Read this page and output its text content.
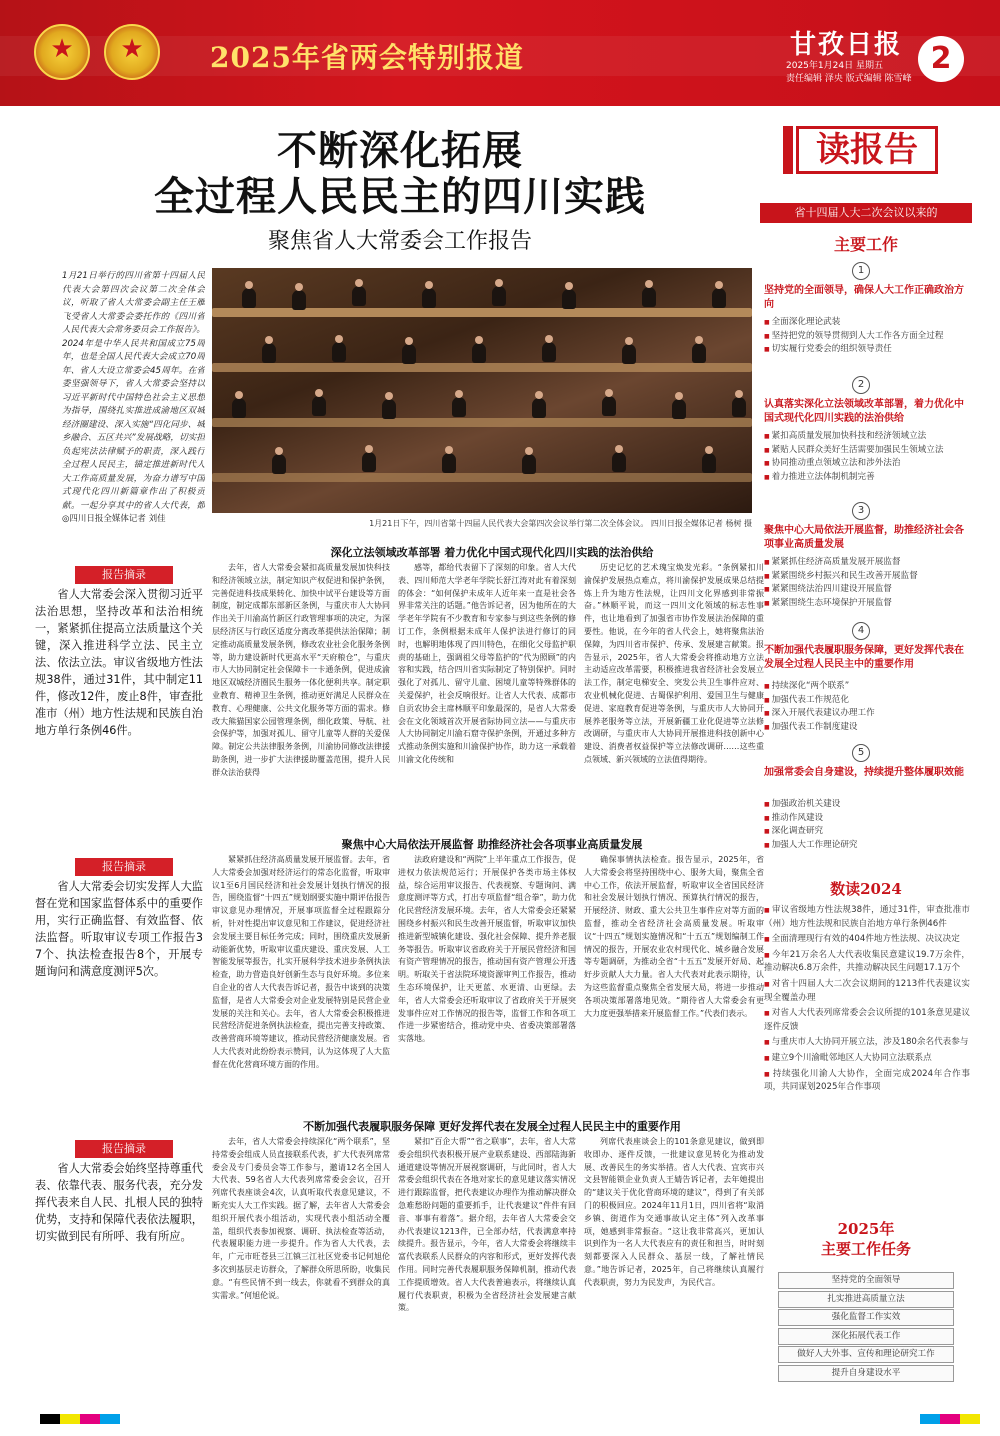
★
★
2025年省两会特别报道	甘孜日报 2
2025年1月24日 星期五
责任编辑 泽央 版式编辑 陈雪峰
不断深化拓展
全过程人民民主的四川实践
聚焦省人大常委会工作报告
1月21日举行的四川省第十四届人民代表大会第四次会议第二次全体会议，听取了省人大常委会副主任王雁飞受省人大常委会委托作的《四川省人民代表大会常务委员会工作报告》。2024年是中华人民共和国成立75周年，也是全国人民代表大会成立70周年、省人大设立常委会45周年。在省委坚强领导下，省人大常委会坚持以习近平新时代中国特色社会主义思想为指导，围绕扎实推进成渝地区双城经济圈建设、深入实施“四化同步、城乡融合、五区共兴”发展战略，切实担负起宪法法律赋予的职责，深入践行全过程人民民主，锚定推进新时代人大工作高质量发展，为奋力谱写中国式现代化四川新篇章作出了积极贡献。一起分享其中的省人大代表，都
◎四川日报全媒体记者 刘佳	1月21日下午，四川省第十四届人民代表大会第四次会议举行第二次全体会议。 四川日报全媒体记者 杨树 摄
报告摘录
省人大常委会深入贯彻习近平法治思想，坚持改革和法治相统一，紧紧抓住提高立法质量这个关键，深入推进科学立法、民主立法、依法立法。审议省级地方性法规38件，通过31件，其中制定11件，修改12件，废止8件，审查批准市（州）地方性法规和民族自治地方单行条例46件。
报告摘录
省人大常委会切实发挥人大监督在党和国家监督体系中的重要作用，实行正确监督、有效监督、依法监督。听取审议专项工作报告37个、执法检查报告8个，开展专题询问和满意度测评5次。
报告摘录
省人大常委会始终坚持尊重代表、依靠代表、服务代表，充分发挥代表来自人民、扎根人民的独特优势，支持和保障代表依法履职，切实做到民有所呼、我有所应。
深化立法领域改革部署 着力优化中国式现代化四川实践的法治供给
去年，省人大常委会紧扣高质量发展加快科技和经济领域立法，制定知识产权促进和保护条例，完善促进科技成果转化、加快中试平台建设等方面制度，制定成都东部新区条例，与重庆市人大协同作出关于川渝高竹新区行政管理事项的决定，为深层经济区与行政区适度分离改革提供法治保障；制定推动高质量发展条例，修改农业社会化服务条例等，助力建设新时代更高水平“天府粮仓”，与重庆市人大协同制定社会保障卡一卡通条例，促进成渝地区双城经济圈民生服务一体化便利共享。制定职业教育、精神卫生条例，推动更好满足人民群众在教育、心理健康、公共文化服务等方面的需求。修改大熊猫国家公园管理条例，细化政策、导航、社会保护等，加强对孤儿、留守儿童等人群的关爱保障。制定公共法律服务条例，川渝协同修改法律援助条例，进一步扩大法律援助覆盖范围，提升人民群众法治获得
感等，都给代表留下了深刻的印象。省人大代表、四川师范大学老年学院长舒江涛对此有着深刻的体会：“如何保护未成年人近年来一直是社会各界非常关注的话题。”他告诉记者，因为他所在的大学老年学院有不少教育和专家参与到这些条例的修订工作，条例根据未成年人保护法进行修订的同时，也解明地体现了四川特色，在细化父母监护职责的基础上，强调祖父母等监护的“代为照顾”的内容和实践，结合四川省实际制定了特别保护。同时强化了对孤儿、留守儿童、困境儿童等特殊群体的关爱保护，社会反响很好。让省人大代表、成都市自贡农协会主席林顺平印象最深的，是省人大常委会在文化领域首次开展省际协同立法——与重庆市人大协同制定川渝石窟寺保护条例，开通过多种方式推动条例实施和川渝保护协作，助力这一承载着川渝文化传统和
历史记忆的艺术瑰宝焕发光彩。“条例紧扣川渝保护发展热点难点，将川渝保护发展成果总结提炼上升为地方性法规，让四川文化界感到非常振奋。”林顺平说，而这一四川文化领域的标志性事件，也让地看到了加强省市协作发展法治保障的重要性。他说，在今年的省人代会上，她将聚焦法治保障，为四川省市保护、传承、发展建言献策。报告显示，2025年，省人大常委会将推动地方立法主动适应改革需要，积极推进我省经济社会发展立法工作，制定电梯安全、突发公共卫生事件应对、农业机械化促进、古蜀保护利用、爱国卫生与健康促进、家庭教育促进等条例，与重庆市人大协同开展养老服务等立法，开展新疆工业化促进等立法修改调研，与重庆市人大协同开展推进科技创新中心建设、消费者权益保护等立法修改调研……这些重点领域、新兴领域的立法值得期待。
聚焦中心大局依法开展监督 助推经济社会各项事业高质量发展
紧紧抓住经济高质量发展开展监督。去年，省人大常委会加强对经济运行的常态化监督，听取审议1至6月国民经济和社会发展计划执行情况的报告，围绕监督“十四五”规划纲要实施中期评估报告审议意见办理情况，开展事项监督全过程跟踪分析，针对性提出审议意见和工作建议，促进经济社会发展主要目标任务完成；同时，围绕重庆发展新动能新优势，听取审议重庆建设、重庆发展、人工智能发展等报告，扎实开展科学技术进步条例执法检查，助力营造良好创新生态与良好环境。多位来自企业的省人大代表告诉记者，报告中谈到的决策监督，是省人大常委会对企业发展特别是民营企业发展的关注和关心。去年，省人大常委会积极推进民营经济促进条例执法检查，提出完善支持政策、改善营商环境等建议，推动民营经济健康发展。省人大代表对此纷纷表示赞同，认为这体现了人大监督在优化营商环境方面的作用。
法政府建设和“两院”上半年重点工作报告，促进权力依法规范运行；开展保护各类市场主体权益，综合运用审议报告、代表视察、专题询问、满意度测评等方式，打出专项监督“组合拳”，助力优化民营经济发展环境。去年，省人大常委会还紧紧围绕乡村振兴和民生改善开展监督，听取审议加快推进新型城镇化建设、强化社会保障、提升养老服务等报告。听取审议省政府关于开展民营经济和国有资产管理情况的报告，推动国有资产管理公开透明。听取关于省法院环境资源审判工作报告，推动生态环境保护，让天更蓝、水更清、山更绿。去年，省人大常委会还听取审议了省政府关于开展突发事件应对工作情况的报告等，监督工作和各项工作进一步紧密结合，推动党中央、省委决策部署落实落地。
确保事情执法检查。报告显示，2025年，省人大常委会将坚持围绕中心、服务大局，聚焦全省中心工作，依法开展监督，听取审议全省国民经济和社会发展计划执行情况、预算执行情况的报告，开展经济、财政、重大公共卫生事件应对等方面的监督，推动全省经济社会高质量发展。听取审议“十四五”规划实施情况和“十五五”规划编制工作情况的报告，开展农业农村现代化、城乡融合发展等专题调研，为推动全省“十五五”发展开好局、起好步贡献人大力量。省人大代表对此表示期待，认为这些监督重点聚焦全省发展大局，将进一步推动各项决策部署落地见效。“期待省人大常委会有更大力度更强举措来开展监督工作。”代表们表示。
不断加强代表履职服务保障 更好发挥代表在发展全过程人民民主中的重要作用
去年，省人大常委会持续深化“两个联系”，坚持常委会组成人员直接联系代表，扩大代表列席常委会及专门委员会等工作参与，邀请12名全国人大代表、59名省人大代表列席常委会会议，召开列席代表座谈会4次，认真听取代表意见建议，不断充实人大工作实践。据了解，去年省人大常委会组织开展代表小组活动，实现代表小组活动全覆盖，组织代表参加视察、调研、执法检查等活动，代表履职能力进一步提升。作为省人大代表，去年，广元市旺苍县三江镇三江社区党委书记何旭伦多次到基层走访群众，了解群众所思所盼，收集民意。“有些民情不到一线去，你就看不到群众的真实需求。”何旭伦说。
紧扣“百企大帮”“省之联事”，去年，省人大常委会组织代表积极开展产业联系建设、西部陆海新通道建设等情况开展视察调研，与此同时，省人大常委会组织代表在各地对家长的意见建议落实情况进行跟踪监督，把代表建议办理作为推动解决群众急难愁盼问题的重要抓手，让代表建议“件件有回音、事事有着落”。据介绍，去年省人大常委会交办代表建议1213件，已全部办结，代表满意率持续提升。报告显示，今年，省人大常委会将继续丰富代表联系人民群众的内容和形式，更好发挥代表作用。同时完善代表履职服务保障机制，推动代表工作提质增效。省人大代表普遍表示，将继续认真履行代表职责，积极为全省经济社会发展建言献策。
列席代表座谈会上的101条意见建议，做到即收即办、逐件反馈，一批建议意见转化为推动发展、改善民生的务实举措。省人大代表、宜宾市兴文县智能锁企业负责人王婧告诉记者，去年她提出的“建议关于优化营商环境的建议”，得到了有关部门的积极回应。2024年11月1日，四川省将“取消乡镇、街道作为交通事故认定主体”列入改革事项，她感到非常振奋。“这让我非常高兴，更加认识到作为一名人大代表应有的责任和担当，时时刻刻都要深入人民群众、基层一线，了解社情民意。”地告诉记者，2025年，自己将继续认真履行代表职责，努力为民发声，为民代言。
读报告
省十四届人大二次会议以来的
主要工作
1
坚持党的全面领导，确保人大工作正确政治方向
■ 全面深化理论武装
■ 坚持把党的领导贯彻到人大工作各方面全过程
■ 切实履行党委会的组织领导责任
2
认真落实深化立法领域改革部署，着力优化中国式现代化四川实践的法治供给
■ 紧扣高质量发展加快科技和经济领域立法
■ 紧贴人民群众美好生活需要加强民生领域立法
■ 协同推动重点领域立法和涉外法治
■ 着力推进立法体制机制完善
3
聚焦中心大局依法开展监督，助推经济社会各项事业高质量发展
■ 紧紧抓住经济高质量发展开展监督
■ 紧紧围绕乡村振兴和民生改善开展监督
■ 紧紧围绕法治四川建设开展监督
■ 紧紧围绕生态环境保护开展监督
4
不断加强代表履职服务保障，更好发挥代表在发展全过程人民民主中的重要作用
■ 持续深化“两个联系”
■ 加强代表工作规范化
■ 深入开展代表建议办理工作
■ 加强代表工作制度建设
5
加强常委会自身建设，持续提升整体履职效能
■ 加强政治机关建设
■ 推动作风建设
■ 深化调查研究
■ 加强人大工作理论研究
数读2024
■ 审议省级地方性法规38件，通过31件，审查批准市（州）地方性法规和民族自治地方单行条例46件
■ 全面清理现行有效的404件地方性法规、决议决定
■ 今年21万余名人大代表收集民意建议19.7万余件，推动解决6.8万余件，共推动解决民生问题17.1万个
■ 对省十四届人大二次会议期间的1213件代表建议实现全覆盖办理
■ 对省人大代表列席常委会会议所提的101条意见建议逐件反馈
■ 与重庆市人大协同开展立法，涉及180余名代表参与
■ 建立9个川渝毗邻地区人大协同立法联系点
■ 持续强化川渝人大协作，全面完成2024年合作事项，共同谋划2025年合作事项
2025年
主要工作任务
坚持党的全面领导
扎实推进高质量立法
强化监督工作实效
深化拓展代表工作
做好人大外事、宣传和理论研究工作
提升自身建设水平
